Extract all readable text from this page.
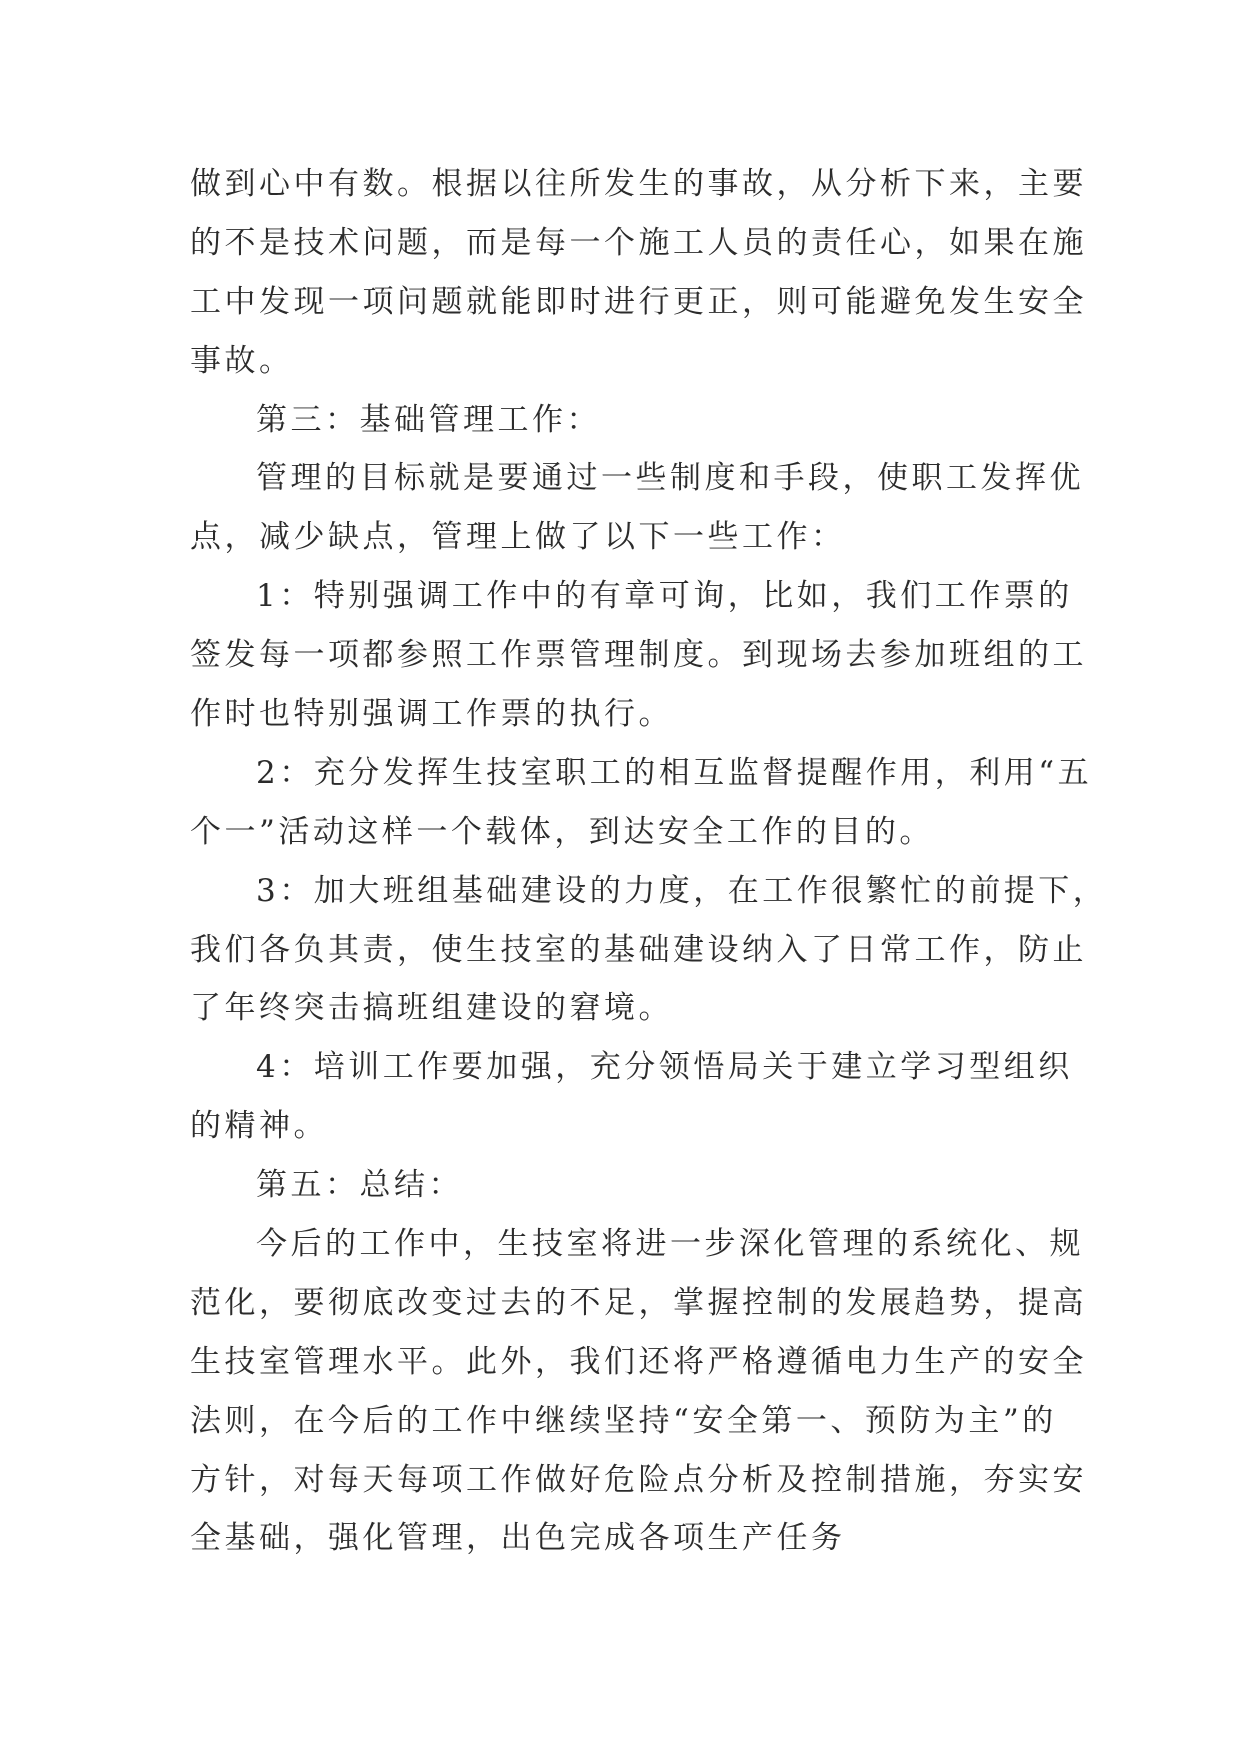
做到心中有数。根据以往所发生的事故，从分析下来，主要
的不是技术问题，而是每一个施工人员的责任心，如果在施
工中发现一项问题就能即时进行更正，则可能避免发生安全
事故。
第三：基础管理工作：
管理的目标就是要通过一些制度和手段，使职工发挥优
点，减少缺点，管理上做了以下一些工作：
1：特别强调工作中的有章可询，比如，我们工作票的
签发每一项都参照工作票管理制度。到现场去参加班组的工
作时也特别强调工作票的执行。
2：充分发挥生技室职工的相互监督提醒作用，利用“五
个一”活动这样一个载体，到达安全工作的目的。
3：加大班组基础建设的力度，在工作很繁忙的前提下，
我们各负其责，使生技室的基础建设纳入了日常工作，防止
了年终突击搞班组建设的窘境。
4：培训工作要加强，充分领悟局关于建立学习型组织
的精神。
第五：总结：
今后的工作中，生技室将进一步深化管理的系统化、规
范化，要彻底改变过去的不足，掌握控制的发展趋势，提高
生技室管理水平。此外，我们还将严格遵循电力生产的安全
法则，在今后的工作中继续坚持“安全第一、预防为主”的
方针，对每天每项工作做好危险点分析及控制措施，夯实安
全基础，强化管理，出色完成各项生产任务
